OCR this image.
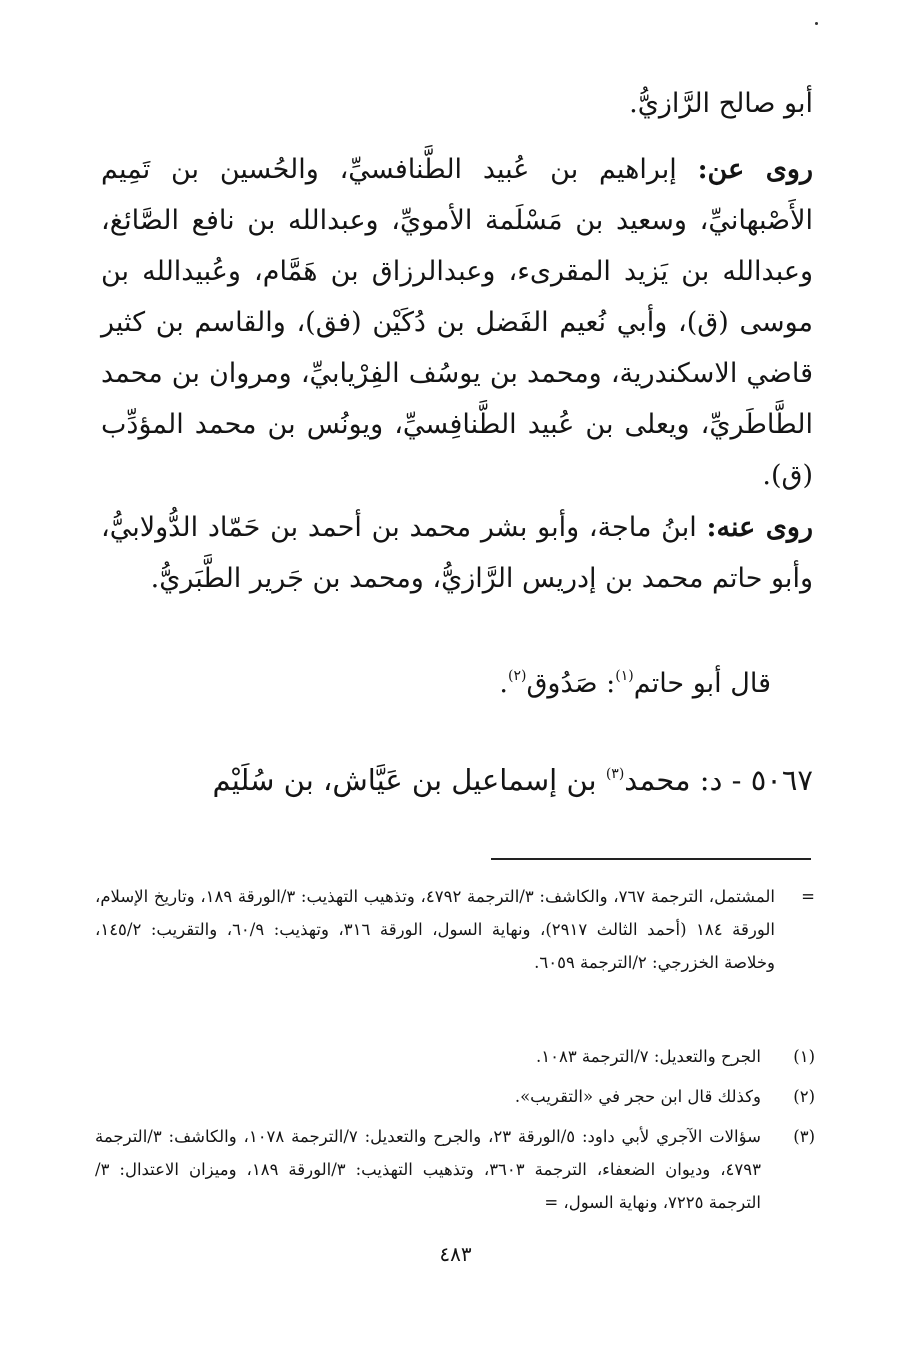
أبو صالح الرَّازيُّ.
روى عن: إبراهيم بن عُبيد الطَّنافسيِّ، والحُسين بن تَمِيم الأَصْبهانيِّ، وسعيد بن مَسْلَمة الأمويِّ، وعبدالله بن نافع الصَّائغ، وعبدالله بن يَزيد المقرىء، وعبدالرزاق بن هَمَّام، وعُبيدالله بن موسى (ق)، وأبي نُعيم الفَضل بن دُكَيْن (فق)، والقاسم بن كثير قاضي الاسكندرية، ومحمد بن يوسُف الفِرْيابيِّ، ومروان بن محمد الطَّاطَريِّ، ويعلى بن عُبيد الطَّنافِسيِّ، ويونُس بن محمد المؤدِّب (ق).
روى عنه: ابنُ ماجة، وأبو بشر محمد بن أحمد بن حَمّاد الدُّولابيُّ، وأبو حاتم محمد بن إدريس الرَّازيُّ، ومحمد بن جَرير الطَّبَريُّ.
قال أبو حاتم$^{(١)}$: صَدُوق$^{(٢)}$.
٥٠٦٧ - د: محمد$^{(٣)}$ بن إسماعيل بن عَيَّاش، بن سُلَيْم
=
المشتمل، الترجمة ٧٦٧، والكاشف: ٣/الترجمة ٤٧٩٢، وتذهيب التهذيب: ٣/الورقة ١٨٩، وتاريخ الإسلام، الورقة ١٨٤ (أحمد الثالث ٢٩١٧)، ونهاية السول، الورقة ٣١٦، وتهذيب: ٦٠/٩، والتقريب: ١٤٥/٢، وخلاصة الخزرجي: ٢/الترجمة ٦٠٥٩.
(١)
الجرح والتعديل: ٧/الترجمة ١٠٨٣.
(٢)
وكذلك قال ابن حجر في «التقريب».
(٣)
سؤالات الآجري لأبي داود: ٥/الورقة ٢٣، والجرح والتعديل: ٧/الترجمة ١٠٧٨، والكاشف: ٣/الترجمة ٤٧٩٣، وديوان الضعفاء، الترجمة ٣٦٠٣، وتذهيب التهذيب: ٣/الورقة ١٨٩، وميزان الاعتدال: ٣/الترجمة ٧٢٢٥، ونهاية السول، =
٤٨٣
